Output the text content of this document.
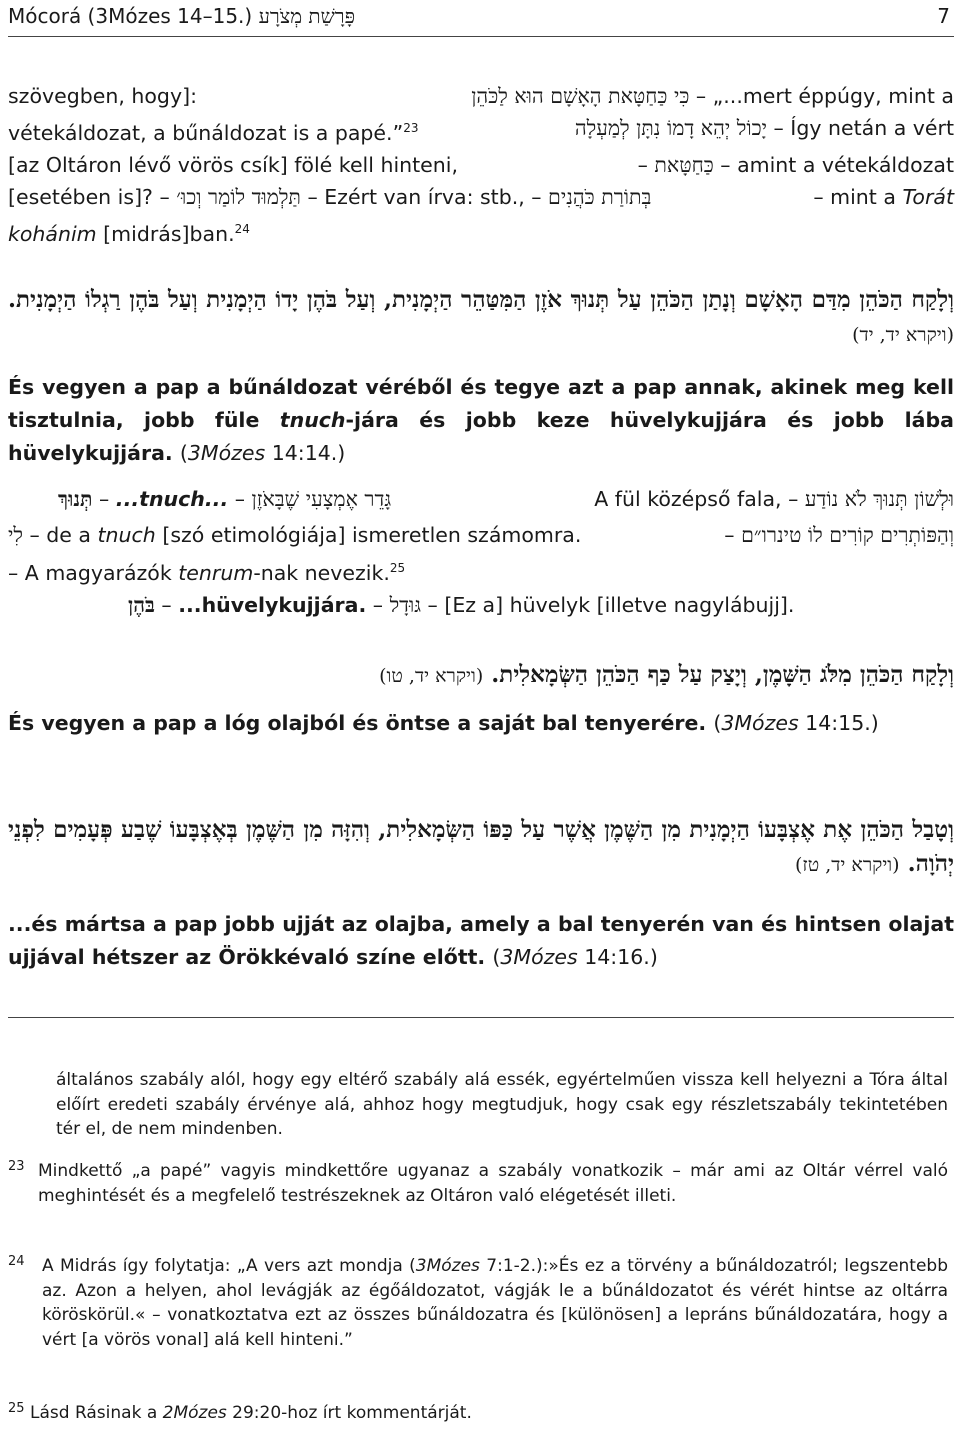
Mócorá (3Mózes 14–15.) פָּרָשַׁת מְצֹרָע	7
szövegben, hogy]:	כִּי כַּחַטָּאת הָאָשָׁם הוּא לַכֹּהֵן – „...mert éppúgy, mint a
vétekáldozat, a bűnáldozat is a papé.”$^{23}$	יָכוֹל יְהֵא דָמוֹ נִתָּן לְמַעְלָה – Így netán a vért
[az Oltáron lévő vörös csík] fölé kell hinteni,	– כַּחַטָּאת – amint a vétekáldozat
[esetében is]? – תַּלְמוּד לוֹמַר וְכוּ׳ – Ezért van írva: stb., – בְּתוֹרַת כֹּהֲנִים	– mint a Torát
kohánim [midrás]ban.$^{24}$
וְלָקַח הַכֹּהֵן מִדַּם הָאָשָׁם וְנָתַן הַכֹּהֵן עַל תְּנוּךְ אֹזֶן הַמִּטַּהֵר הַיְמָנִית, וְעַל בֹּהֶן יָדוֹ הַיְמָנִית וְעַל בֹּהֶן רַגְלוֹ הַיְמָנִית. (ויקרא יד, יד)
És vegyen a pap a bűnáldozat véréből és tegye azt a pap annak, akinek meg kell tisztulnia, jobb füle tnuch-jára és jobb keze hüvelykujjára és jobb lába hüvelykujjára. (3Mózes 14:14.)
תְּנוּךְ – ...tnuch... – גָּדֵר אֶמְצָעִי שֶׁבָּאֹזֶן	A fül középső fala, – וּלְשׁוֹן תְּנוּךְ לֹא נוֹדַע
לִי – de a tnuch [szó etimológiája] ismeretlen számomra.	– וְהַפּוֹתְרִים קוֹרִים לוֹ טינרו״ם
– A magyarázók tenrum-nak nevezik.$^{25}$
בֹּהֶן – ...hüvelykujjára. – גּוּדָל – [Ez a] hüvelyk [illetve nagylábujj].
וְלָקַח הַכֹּהֵן מִלֹּג הַשָּׁמֶן, וְיָצַק עַל כַּף הַכֹּהֵן הַשְּׂמָאלִית. (ויקרא יד, טו)
És vegyen a pap a lóg olajból és öntse a saját bal tenyerére. (3Mózes 14:15.)
וְטָבַל הַכֹּהֵן אֶת אֶצְבָּעוֹ הַיְמָנִית מִן הַשֶּׁמֶן אֲשֶׁר עַל כַּפּוֹ הַשְּׂמָאלִית, וְהִזָּה מִן הַשֶּׁמֶן בְּאֶצְבָּעוֹ שֶׁבַע פְּעָמִים לִפְנֵי יְהֹוָה. (ויקרא יד, טז)
...és mártsa a pap jobb ujját az olajba, amely a bal tenyerén van és hintsen olajat ujjával hétszer az Örökkévaló színe előtt. (3Mózes 14:16.)
általános szabály alól, hogy egy eltérő szabály alá essék, egyértelműen vissza kell helyezni a Tóra által előírt eredeti szabály érvénye alá, ahhoz hogy megtudjuk, hogy csak egy részletszabály tekintetében tér el, de nem mindenben.
23 Mindkettő „a papé” vagyis mindkettőre ugyanaz a szabály vonatkozik – már ami az Oltár vérrel való meghintését és a megfelelő testrészeknek az Oltáron való elégetését illeti.
24 A Midrás így folytatja: „A vers azt mondja (3Mózes 7:1-2.):»És ez a törvény a bűnáldozatról; legszentebb az. Azon a helyen, ahol levágják az égőáldozatot, vágják le a bűnáldozatot és vérét hintse az oltárra köröskörül.« – vonatkoztatva ezt az összes bűnáldozatra és [különösen] a lepráns bűnáldozatára, hogy a vért [a vörös vonal] alá kell hinteni.”
25 Lásd Rásinak a 2Mózes 29:20-hoz írt kommentárját.
